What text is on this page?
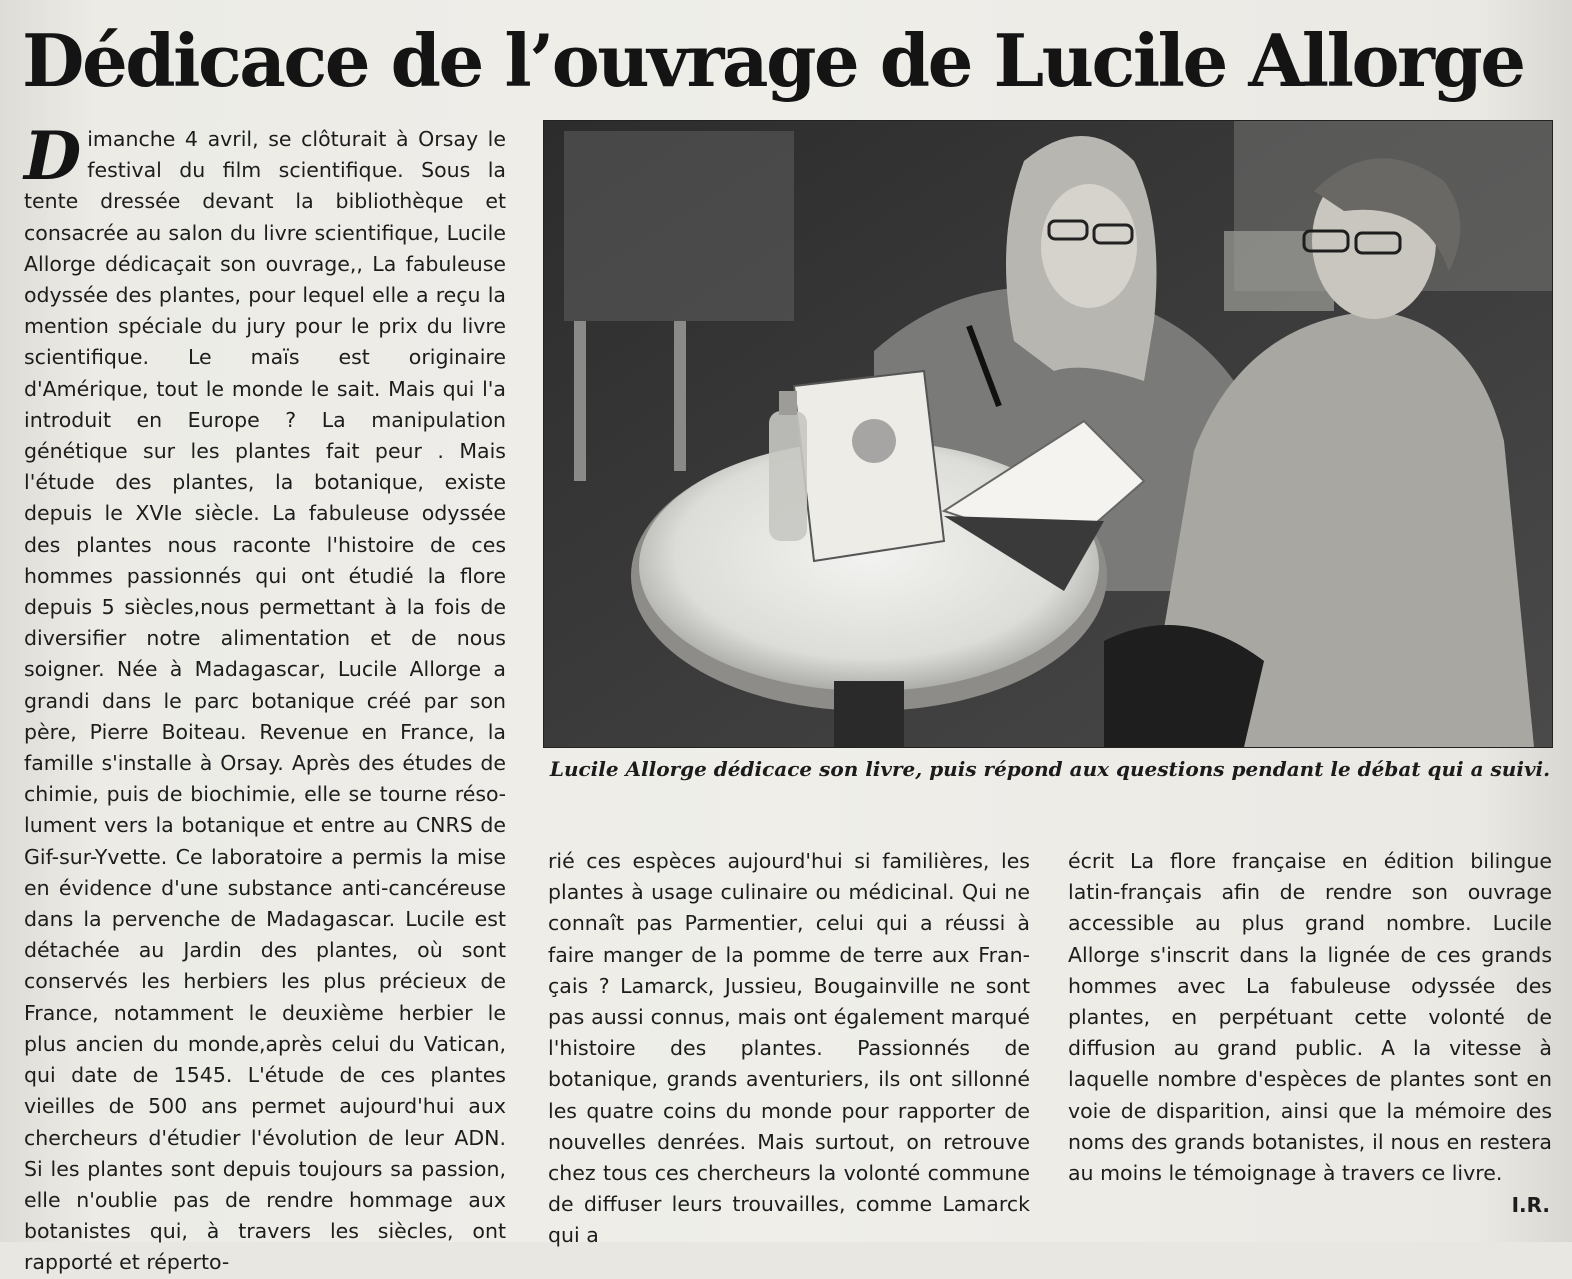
Dédicace de l’ouvrage de Lucile Allorge

Dimanche 4 avril, se clôturait à Orsay le festival du film scientifique. Sous la tente dressée devant la bibliothèque et consacrée au salon du livre scientifique, Lucile Allorge dédicaçait son ouvrage,, La fabuleuse odyssée des plantes, pour lequel elle a reçu la mention spéciale du jury pour le prix du livre scientifique. Le maïs est originaire d'Amérique, tout le monde le sait. Mais qui l'a introduit en Europe ? La manipulation génétique sur les plantes fait peur . Mais l'étude des plantes, la botanique, existe depuis le XVIe siècle. La fabuleuse odyssée des plantes nous raconte l'histoire de ces hommes passionnés qui ont étudié la flore depuis 5 siècles,nous permettant à la fois de diversifier notre alimentation et de nous soigner. Née à Madagascar, Lucile Allorge a grandi dans le parc botanique créé par son père, Pierre Boiteau. Revenue en France, la famille s'installe à Orsay. Après des études de chimie, puis de biochimie, elle se tourne résolument vers la botanique et entre au CNRS de Gif-sur-Yvette. Ce laboratoire a permis la mise en évidence d'une substance anti-cancéreuse dans la pervenche de Madagascar. Lucile est détachée au Jardin des plantes, où sont conservés les herbiers les plus précieux de France, notamment le deuxième herbier le plus ancien du monde,après celui du Vatican, qui date de 1545. L'étude de ces plantes vieilles de 500 ans permet aujourd'hui aux chercheurs d'étudier l'évolution de leur ADN. Si les plantes sont depuis toujours sa passion, elle n'oublie pas de rendre hommage aux botanistes qui, à travers les siècles, ont rapporté et réperto-

Lucile Allorge dédicace son livre, puis répond aux questions pendant le débat qui a suivi.

rié ces espèces aujourd'hui si familières, les plantes à usage culinaire ou médicinal. Qui ne connaît pas Parmentier, celui qui a réussi à faire manger de la pomme de terre aux Français ? Lamarck, Jussieu, Bougainville ne sont pas aussi connus, mais ont également marqué l'histoire des plantes. Passionnés de botanique, grands aventuriers, ils ont sillonné les quatre coins du monde pour rapporter de nouvelles denrées. Mais surtout, on retrouve chez tous ces chercheurs la volonté commune de diffuser leurs trouvailles, comme Lamarck qui a

écrit La flore française en édition bilingue latin-français afin de rendre son ouvrage accessible au plus grand nombre. Lucile Allorge s'inscrit dans la lignée de ces grands hommes avec La fabuleuse odyssée des plantes, en perpétuant cette volonté de diffusion au grand public. A la vitesse à laquelle nombre d'espèces de plantes sont en voie de disparition, ainsi que la mémoire des noms des grands botanistes, il nous en restera au moins le témoignage à travers ce livre.

I.R.
